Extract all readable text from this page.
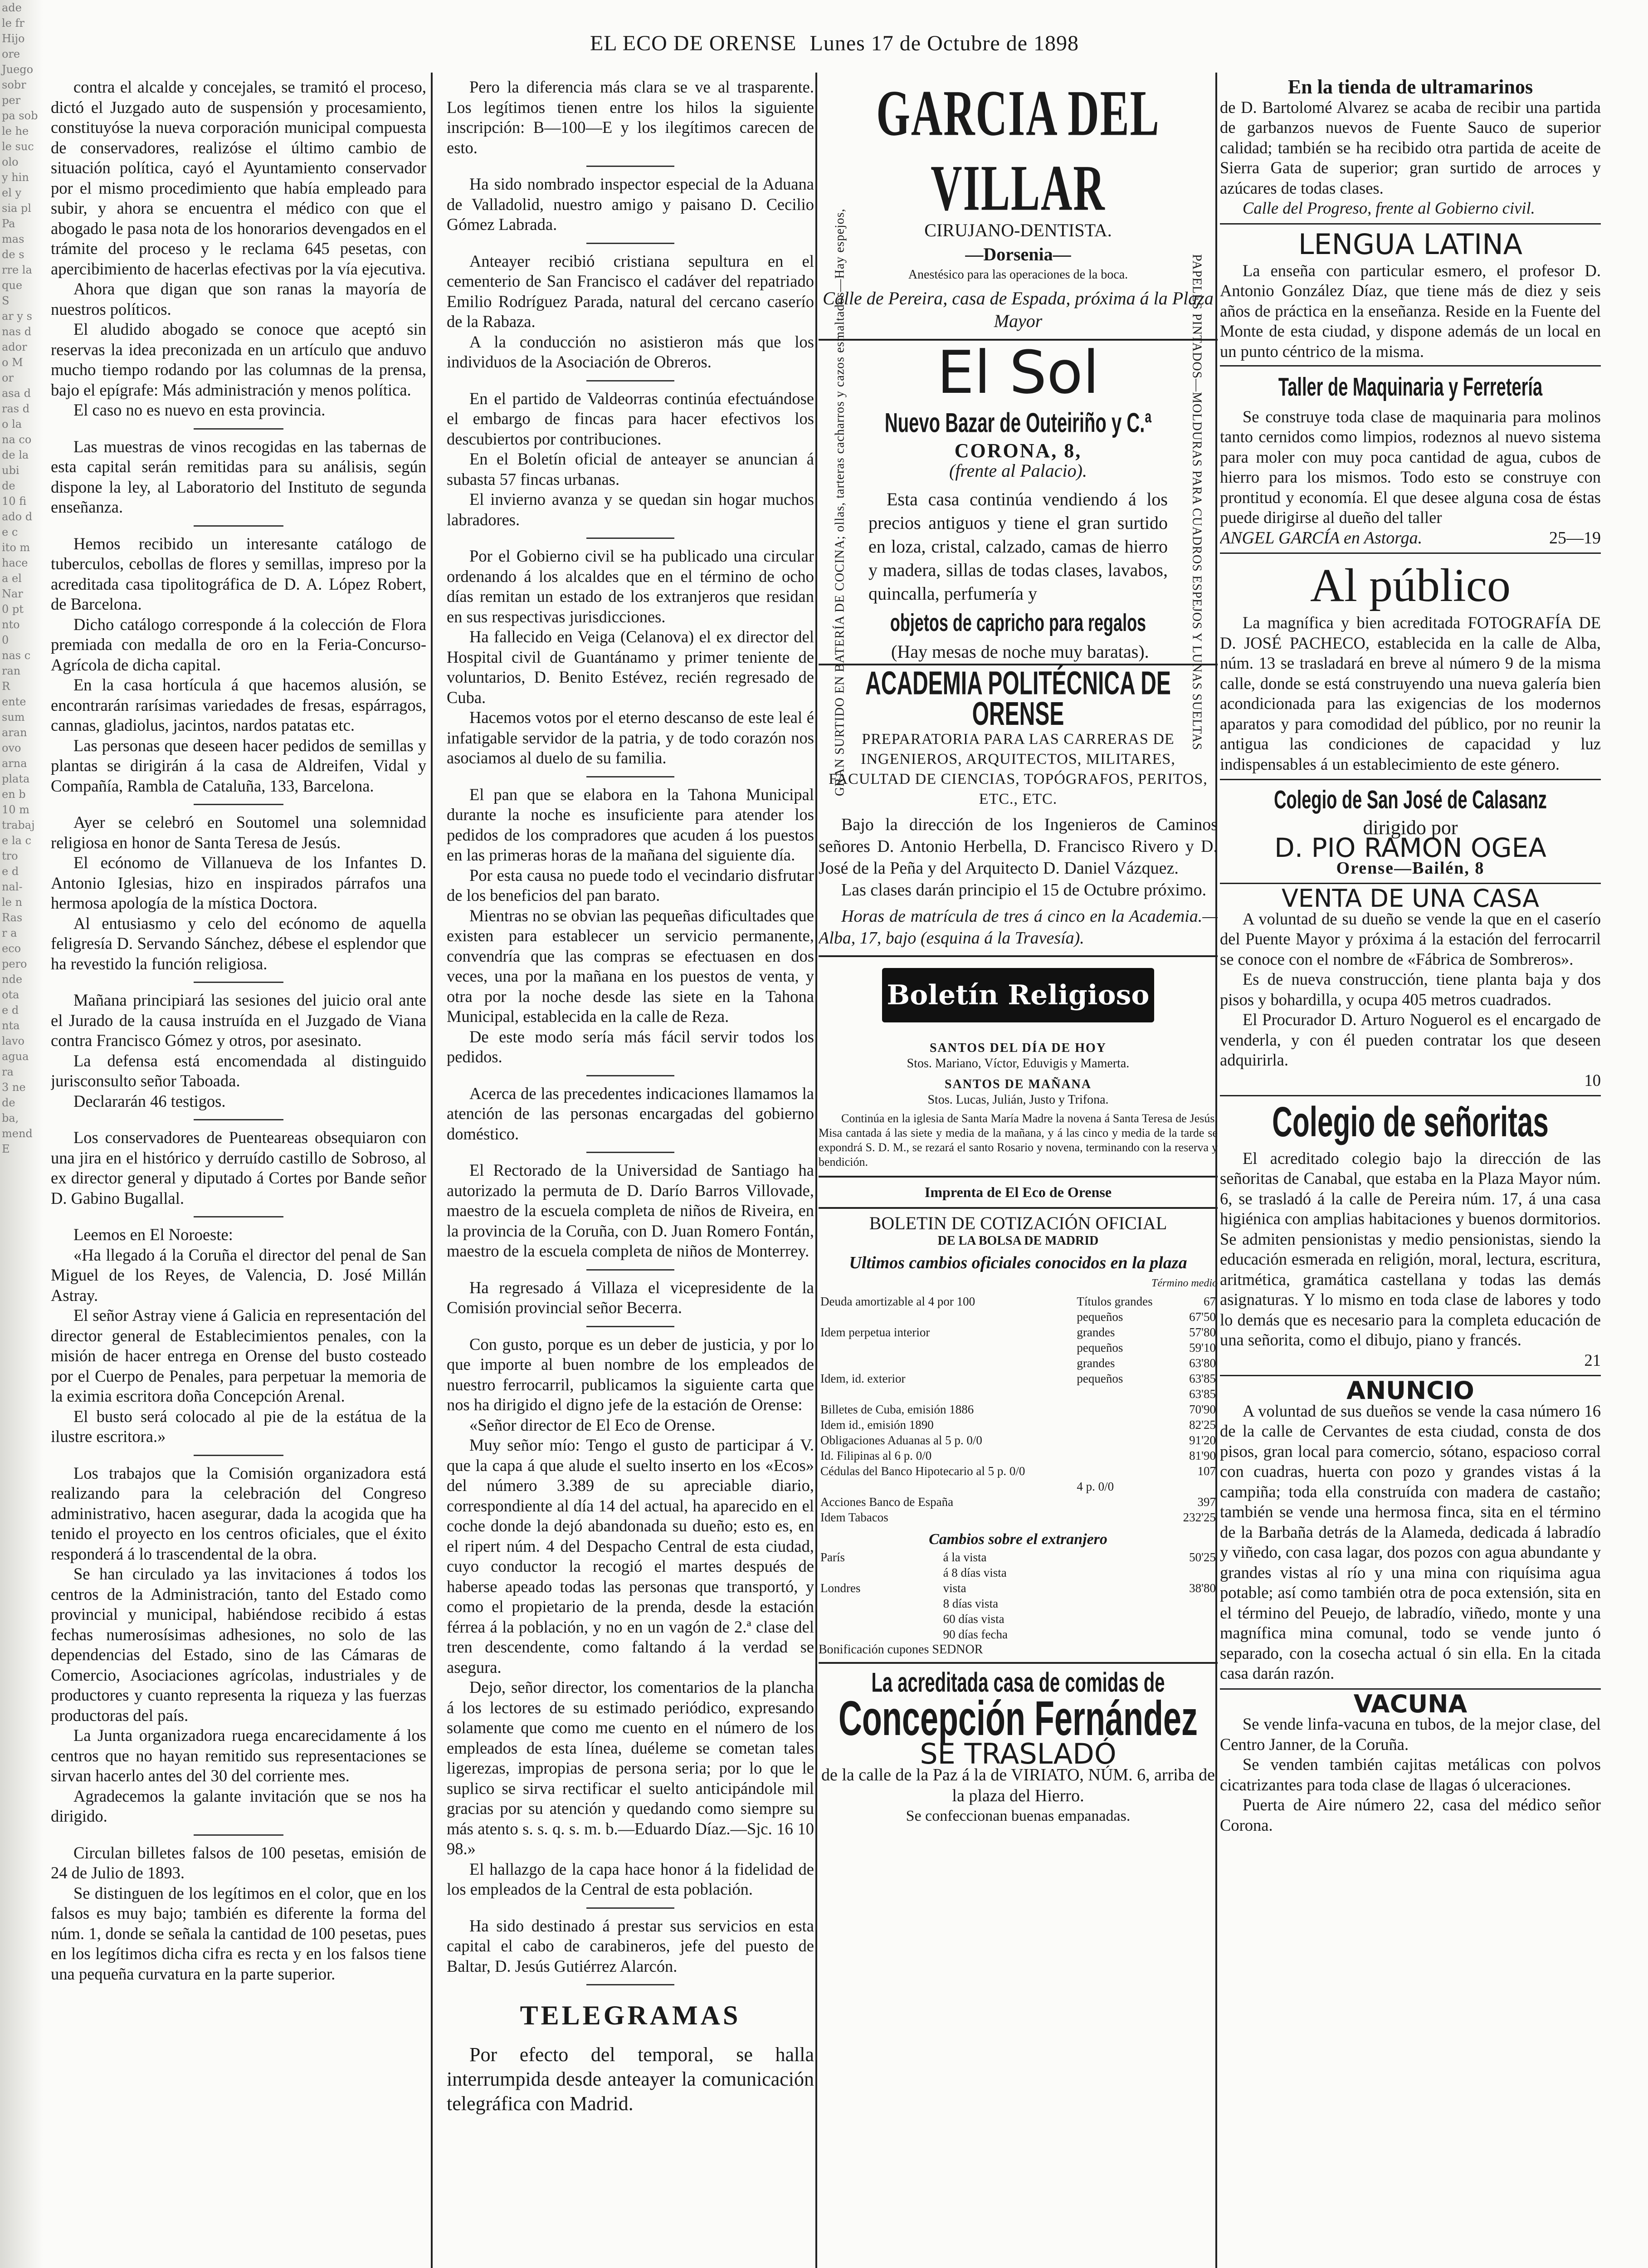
ade
le fr
Hijo
ore
Juego
sobr
per
pa sob
le he
le suc
olo
y hin
el y
sia pl
Pa
mas
de s
rre la
que
S
ar y s
nas d
ador
o M
or
asa d
ras d
o la
na co
de la
ubi
de
10 fi
ado d
e c
ito m
hace
a el
Nar
0 pt
nto
0
nas c
ran
R
ente
sum
aran
ovo
arna
plata
en b
10 m
trabaj
e la c
tro
e d
nal-
le n
Ras
r a
eco
pero
nde
ota
e d
nta
lavo
agua
ra
3 ne
de
ba,
mend
E
EL ECO DE ORENSE Lunes 17 de Octubre de 1898

contra el alcalde y concejales, se tramitó el proceso, dictó el Juzgado auto de suspensión y procesamiento, constituyóse la nueva corporación municipal compuesta de conservadores, realizóse el último cambio de situación política, cayó el Ayuntamiento conservador por el mismo procedimiento que había empleado para subir, y ahora se encuentra el médico con que el abogado le pasa nota de los honorarios devengados en el trámite del proceso y le reclama 645 pesetas, con apercibimiento de hacerlas efectivas por la vía ejecutiva.

Ahora que digan que son ranas la mayoría de nuestros políticos.

El aludido abogado se conoce que aceptó sin reservas la idea preconizada en un artículo que anduvo mucho tiempo rodando por las columnas de la prensa, bajo el epígrafe: Más administración y menos política.

El caso no es nuevo en esta provincia.

Las muestras de vinos recogidas en las tabernas de esta capital serán remitidas para su análisis, según dispone la ley, al Laboratorio del Instituto de segunda enseñanza.

Hemos recibido un interesante catálogo de tuberculos, cebollas de flores y semillas, impreso por la acreditada casa tipolitográfica de D. A. López Robert, de Barcelona.

Dicho catálogo corresponde á la colección de Flora premiada con medalla de oro en la Feria-Concurso-Agrícola de dicha capital.

En la casa hortícula á que hacemos alusión, se encontrarán rarísimas variedades de fresas, espárragos, cannas, gladiolus, jacintos, nardos patatas etc.

Las personas que deseen hacer pedidos de semillas y plantas se dirigirán á la casa de Aldreifen, Vidal y Compañía, Rambla de Cataluña, 133, Barcelona.

Ayer se celebró en Soutomel una solemnidad religiosa en honor de Santa Teresa de Jesús.

El ecónomo de Villanueva de los Infantes D. Antonio Iglesias, hizo en inspirados párrafos una hermosa apología de la mística Doctora.

Al entusiasmo y celo del ecónomo de aquella feligresía D. Servando Sánchez, débese el esplendor que ha revestido la función religiosa.

Mañana principiará las sesiones del juicio oral ante el Jurado de la causa instruída en el Juzgado de Viana contra Francisco Gómez y otros, por asesinato.

La defensa está encomendada al distinguido jurisconsulto señor Taboada.

Declararán 46 testigos.

Los conservadores de Puenteareas obsequiaron con una jira en el histórico y derruído castillo de Sobroso, al ex director general y diputado á Cortes por Bande señor D. Gabino Bugallal.

Leemos en El Noroeste:

«Ha llegado á la Coruña el director del penal de San Miguel de los Reyes, de Valencia, D. José Millán Astray.

El señor Astray viene á Galicia en representación del director general de Establecimientos penales, con la misión de hacer entrega en Orense del busto costeado por el Cuerpo de Penales, para perpetuar la memoria de la eximia escritora doña Concepción Arenal.

El busto será colocado al pie de la estátua de la ilustre escritora.»

Los trabajos que la Comisión organizadora está realizando para la celebración del Congreso administrativo, hacen asegurar, dada la acogida que ha tenido el proyecto en los centros oficiales, que el éxito responderá á lo trascendental de la obra.

Se han circulado ya las invitaciones á todos los centros de la Administración, tanto del Estado como provincial y municipal, habiéndose recibido á estas fechas numerosísimas adhesiones, no solo de las dependencias del Estado, sino de las Cámaras de Comercio, Asociaciones agrícolas, industriales y de productores y cuanto representa la riqueza y las fuerzas productoras del país.

La Junta organizadora ruega encarecidamente á los centros que no hayan remitido sus representaciones se sirvan hacerlo antes del 30 del corriente mes.

Agradecemos la galante invitación que se nos ha dirigido.

Circulan billetes falsos de 100 pesetas, emisión de 24 de Julio de 1893.

Se distinguen de los legítimos en el color, que en los falsos es muy bajo; también es diferente la forma del núm. 1, donde se señala la cantidad de 100 pesetas, pues en los legítimos dicha cifra es recta y en los falsos tiene una pequeña curvatura en la parte superior.

Pero la diferencia más clara se ve al trasparente. Los legítimos tienen entre los hilos la siguiente inscripción: B—100—E y los ilegítimos carecen de esto.

Ha sido nombrado inspector especial de la Aduana de Valladolid, nuestro amigo y paisano D. Cecilio Gómez Labrada.

Anteayer recibió cristiana sepultura en el cementerio de San Francisco el cadáver del repatriado Emilio Rodríguez Parada, natural del cercano caserío de la Rabaza.

A la conducción no asistieron más que los individuos de la Asociación de Obreros.

En el partido de Valdeorras continúa efectuándose el embargo de fincas para hacer efectivos los descubiertos por contribuciones.

En el Boletín oficial de anteayer se anuncian á subasta 57 fincas urbanas.

El invierno avanza y se quedan sin hogar muchos labradores.

Por el Gobierno civil se ha publicado una circular ordenando á los alcaldes que en el término de ocho días remitan un estado de los extranjeros que residan en sus respectivas jurisdicciones.

Ha fallecido en Veiga (Celanova) el ex director del Hospital civil de Guantánamo y primer teniente de voluntarios, D. Benito Estévez, recién regresado de Cuba.

Hacemos votos por el eterno descanso de este leal é infatigable servidor de la patria, y de todo corazón nos asociamos al duelo de su familia.

El pan que se elabora en la Tahona Municipal durante la noche es insuficiente para atender los pedidos de los compradores que acuden á los puestos en las primeras horas de la mañana del siguiente día.

Por esta causa no puede todo el vecindario disfrutar de los beneficios del pan barato.

Mientras no se obvian las pequeñas dificultades que existen para establecer un servicio permanente, convendría que las compras se efectuasen en dos veces, una por la mañana en los puestos de venta, y otra por la noche desde las siete en la Tahona Municipal, establecida en la calle de Reza.

De este modo sería más fácil servir todos los pedidos.

Acerca de las precedentes indicaciones llamamos la atención de las personas encargadas del gobierno doméstico.

El Rectorado de la Universidad de Santiago ha autorizado la permuta de D. Darío Barros Villovade, maestro de la escuela completa de niños de Riveira, en la provincia de la Coruña, con D. Juan Romero Fontán, maestro de la escuela completa de niños de Monterrey.

Ha regresado á Villaza el vicepresidente de la Comisión provincial señor Becerra.

Con gusto, porque es un deber de justicia, y por lo que importe al buen nombre de los empleados de nuestro ferrocarril, publicamos la siguiente carta que nos ha dirigido el digno jefe de la estación de Orense:

«Señor director de El Eco de Orense.

Muy señor mío: Tengo el gusto de participar á V. que la capa á que alude el suelto inserto en los «Ecos» del número 3.389 de su apreciable diario, correspondiente al día 14 del actual, ha aparecido en el coche donde la dejó abandonada su dueño; esto es, en el ripert núm. 4 del Despacho Central de esta ciudad, cuyo conductor la recogió el martes después de haberse apeado todas las personas que transportó, y como el propietario de la prenda, desde la estación férrea á la población, y no en un vagón de 2.ª clase del tren descendente, como faltando á la verdad se asegura.

Dejo, señor director, los comentarios de la plancha á los lectores de su estimado periódico, expresando solamente que como me cuento en el número de los empleados de esta línea, duéleme se cometan tales ligerezas, impropias de persona seria; por lo que le suplico se sirva rectificar el suelto anticipándole mil gracias por su atención y quedando como siempre su más atento s. s. q. s. m. b.—Eduardo Díaz.—Sjc. 16 10 98.»

El hallazgo de la capa hace honor á la fidelidad de los empleados de la Central de esta población.

Ha sido destinado á prestar sus servicios en esta capital el cabo de carabineros, jefe del puesto de Baltar, D. Jesús Gutiérrez Alarcón.

TELEGRAMAS

Por efecto del temporal, se halla interrumpida desde anteayer la comunicación telegráfica con Madrid.

GARCIA DEL VILLAR
CIRUJANO-DENTISTA.
—Dorsenia—
Anestésico para las operaciones de la boca.
Calle de Pereira, casa de Espada, próxima á la Plaza Mayor
GRAN SURTIDO EN BATERÍA DE COCINA; ollas, tarteras cacharros y cazos esmaltados—Hay espejos,	PAPELES PINTADOS—MOLDURAS PARA CUADROS ESPEJOS Y LUNAS SUELTAS
El Sol
Nuevo Bazar de Outeiriño y C.ª
CORONA, 8,
(frente al Palacio).

Esta casa continúa vendiendo á los precios antiguos y tiene el gran surtido en loza, cristal, calzado, camas de hierro y madera, sillas de todas clases, lavabos, quincalla, perfumería y

objetos de capricho para regalos

(Hay mesas de noche muy baratas).

ACADEMIA POLITÉCNICA DE ORENSE

PREPARATORIA PARA LAS CARRERAS DE INGENIEROS, ARQUITECTOS, MILITARES, FACULTAD DE CIENCIAS, TOPÓGRAFOS, PERITOS, ETC., ETC.

Bajo la dirección de los Ingenieros de Caminos señores D. Antonio Herbella, D. Francisco Rivero y D. José de la Peña y del Arquitecto D. Daniel Vázquez.

Las clases darán principio el 15 de Octubre próximo.

Horas de matrícula de tres á cinco en la Academia.—Alba, 17, bajo (esquina á la Travesía).

Boletín Religioso
SANTOS DEL DÍA DE HOY
Stos. Mariano, Víctor, Eduvigis y Mamerta.
SANTOS DE MAÑANA
Stos. Lucas, Julián, Justo y Trifona.

Continúa en la iglesia de Santa María Madre la novena á Santa Teresa de Jesús. Misa cantada á las siete y media de la mañana, y á las cinco y media de la tarde se expondrá S. D. M., se rezará el santo Rosario y novena, terminando con la reserva y bendición.

Imprenta de El Eco de Orense
BOLETIN DE COTIZACIÓN OFICIAL
DE LA BOLSA DE MADRID
Ultimos cambios oficiales conocidos en la plaza
Término medio
Deuda amortizable al 4 por 100	Títulos grandes	67
	pequeños	67'50
Idem perpetua interior	grandes	57'80
	pequeños	59'10
	grandes	63'80
Idem, id. exterior	pequeños	63'85
		63'85
Billetes de Cuba, emisión 1886		70'90
Idem id., emisión 1890		82'25
Obligaciones Aduanas al 5 p. 0/0		91'20
Id. Filipinas al 6 p. 0/0		81'90
Cédulas del Banco Hipotecario al 5 p. 0/0		107
	4 p. 0/0	
Acciones Banco de España		397
Idem Tabacos		232'25
Cambios sobre el extranjero
París	á la vista	50'25
	á 8 días vista	
Londres	vista	38'80
	8 días vista	
	60 días vista	
	90 días fecha	
Bonificación cupones SEDNOR
La acreditada casa de comidas de
Concepción Fernández
SE TRASLADÓ

de la calle de la Paz á la de VIRIATO, NÚM. 6, arriba de la plaza del Hierro.

Se confeccionan buenas empanadas.
En la tienda de ultramarinos

de D. Bartolomé Alvarez se acaba de recibir una partida de garbanzos nuevos de Fuente Sauco de superior calidad; también se ha recibido otra partida de aceite de Sierra Gata de superior; gran surtido de arroces y azúcares de todas clases.

Calle del Progreso, frente al Gobierno civil.

LENGUA LATINA

La enseña con particular esmero, el profesor D. Antonio González Díaz, que tiene más de diez y seis años de práctica en la enseñanza. Reside en la Fuente del Monte de esta ciudad, y dispone además de un local en un punto céntrico de la misma.

Taller de Maquinaria y Ferretería

Se construye toda clase de maquinaria para molinos tanto cernidos como limpios, rodeznos al nuevo sistema para moler con muy poca cantidad de agua, cubos de hierro para los mismos. Todo esto se construye con prontitud y economía. El que desee alguna cosa de éstas puede dirigirse al dueño del taller

ANGEL GARCÍA en Astorga.	25—19
Al público

La magnífica y bien acreditada FOTOGRAFÍA DE D. JOSÉ PACHECO, establecida en la calle de Alba, núm. 13 se trasladará en breve al número 9 de la misma calle, donde se está construyendo una nueva galería bien acondicionada para las exigencias de los modernos aparatos y para comodidad del público, por no reunir la antigua las condiciones de capacidad y luz indispensables á un establecimiento de este género.

Colegio de San José de Calasanz
dirigido por
D. PIO RAMON OGEA
Orense—Bailén, 8
VENTA DE UNA CASA

A voluntad de su dueño se vende la que en el caserío del Puente Mayor y próxima á la estación del ferrocarril se conoce con el nombre de «Fábrica de Sombreros».

Es de nueva construcción, tiene planta baja y dos pisos y bohardilla, y ocupa 405 metros cuadrados.

El Procurador D. Arturo Noguerol es el encargado de venderla, y con él pueden contratar los que deseen adquirirla.

10
Colegio de señoritas

El acreditado colegio bajo la dirección de las señoritas de Canabal, que estaba en la Plaza Mayor núm. 6, se trasladó á la calle de Pereira núm. 17, á una casa higiénica con amplias habitaciones y buenos dormitorios. Se admiten pensionistas y medio pensionistas, siendo la educación esmerada en religión, moral, lectura, escritura, aritmética, gramática castellana y todas las demás asignaturas. Y lo mismo en toda clase de labores y todo lo demás que es necesario para la completa educación de una señorita, como el dibujo, piano y francés.

21
ANUNCIO

A voluntad de sus dueños se vende la casa número 16 de la calle de Cervantes de esta ciudad, consta de dos pisos, gran local para comercio, sótano, espacioso corral con cuadras, huerta con pozo y grandes vistas á la campiña; toda ella construída con madera de castaño; también se vende una hermosa finca, sita en el término de la Barbaña detrás de la Alameda, dedicada á labradío y viñedo, con casa lagar, dos pozos con agua abundante y grandes vistas al río y una mina con riquísima agua potable; así como también otra de poca extensión, sita en el término del Peuejo, de labradío, viñedo, monte y una magnífica mina comunal, todo se vende junto ó separado, con la cosecha actual ó sin ella. En la citada casa darán razón.

VACUNA

Se vende linfa-vacuna en tubos, de la mejor clase, del Centro Janner, de la Coruña.

Se venden también cajitas metálicas con polvos cicatrizantes para toda clase de llagas ó ulceraciones.

Puerta de Aire número 22, casa del médico señor Corona.
